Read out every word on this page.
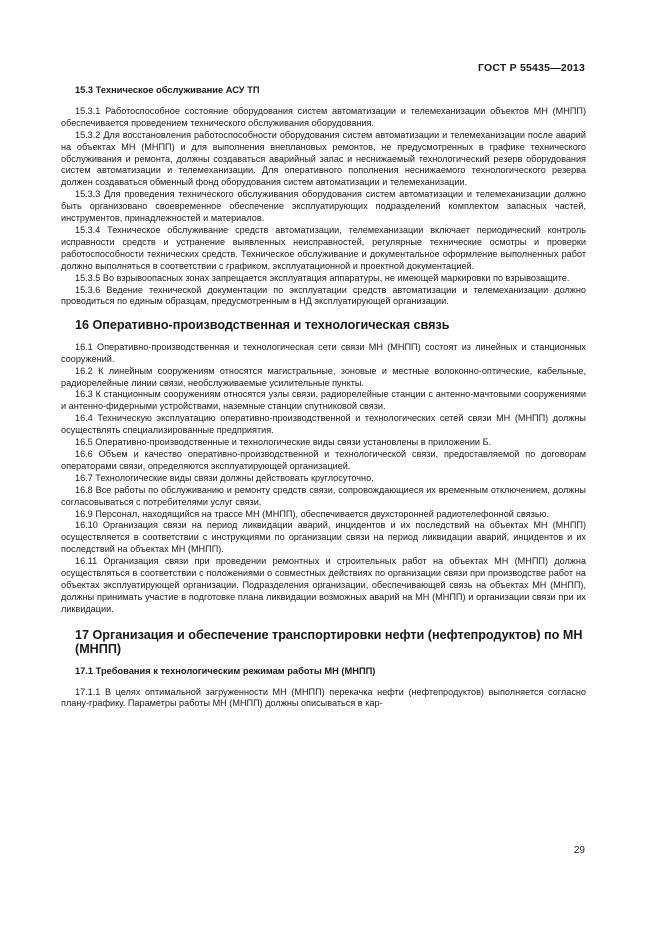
ГОСТ Р 55435—2013

15.3 Техническое обслуживание АСУ ТП

15.3.1 Работоспособное состояние оборудования систем автоматизации и телемеханизации объектов МН (МНПП) обеспечивается проведением технического обслуживания оборудования.

15.3.2 Для восстановления работоспособности оборудования систем автоматизации и телемеханизации после аварий на объектах МН (МНПП) и для выполнения внеплановых ремонтов, не предусмотренных в графике технического обслуживания и ремонта, должны создаваться аварийный запас и неснижаемый технологический резерв оборудования систем автоматизации и телемеханизации. Для оперативного пополнения неснижаемого технологического резерва должен создаваться обменный фонд оборудования систем автоматизации и телемеханизации.

15.3.3 Для проведения технического обслуживания оборудования систем автоматизации и телемеханизации должно быть организовано своевременное обеспечение эксплуатирующих подразделений комплектом запасных частей, инструментов, принадлежностей и материалов.

15.3.4 Техническое обслуживание средств автоматизации, телемеханизации включает периодический контроль исправности средств и устранение выявленных неисправностей, регулярные технические осмотры и проверки работоспособности технических средств. Техническое обслуживание и документальное оформление выполненных работ должно выполняться в соответствии с графиком, эксплуатационной и проектной документацией.

15.3.5 Во взрывоопасных зонах запрещается эксплуатация аппаратуры, не имеющей маркировки по взрывозащите.

15.3.6 Ведение технической документации по эксплуатации средств автоматизации и телемеханизации должно проводиться по единым образцам, предусмотренным в НД эксплуатирующей организации.

16 Оперативно-производственная и технологическая связь

16.1 Оперативно-производственная и технологическая сети связи МН (МНПП) состоят из линейных и станционных сооружений.

16.2 К линейным сооружениям относятся магистральные, зоновые и местные волоконно-оптические, кабельные, радиорелейные линии связи, необслуживаемые усилительные пункты.

16.3 К станционным сооружениям относятся узлы связи, радиорелейные станции с антенно-мачтовыми сооружениями и антенно-фидерными устройствами, наземные станции спутниковой связи.

16.4 Техническую эксплуатацию оперативно-производственной и технологических сетей связи МН (МНПП) должны осуществлять специализированные предприятия.

16.5 Оперативно-производственные и технологические виды связи установлены в приложении Б.

16.6 Объем и качество оперативно-производственной и технологической связи, предоставляемой по договорам операторами связи, определяются эксплуатирующей организацией.

16.7 Технологические виды связи должны действовать круглосуточно.

16.8 Все работы по обслуживанию и ремонту средств связи, сопровождающиеся их временным отключением, должны согласовываться с потребителями услуг связи.

16.9 Персонал, находящийся на трассе МН (МНПП), обеспечивается двухсторонней радиотелефонной связью.

16.10 Организация связи на период ликвидации аварий, инцидентов и их последствий на объектах МН (МНПП) осуществляется в соответствии с инструкциями по организации связи на период ликвидации аварий, инцидентов и их последствий на объектах МН (МНПП).

16.11 Организация связи при проведении ремонтных и строительных работ на объектах МН (МНПП) должна осуществляться в соответствии с положениями о совместных действиях по организации связи при производстве работ на объектах эксплуатирующей организации. Подразделения организации, обеспечивающей связь на объектах МН (МНПП), должны принимать участие в подготовке плана ликвидации возможных аварий на МН (МНПП) и организации связи при их ликвидации.

17 Организация и обеспечение транспортировки нефти (нефтепродуктов) по МН (МНПП)

17.1 Требования к технологическим режимам работы МН (МНПП)

17.1.1 В целях оптимальной загруженности МН (МНПП) перекачка нефти (нефтепродуктов) выполняется согласно плану-графику. Параметры работы МН (МНПП) должны описываться в кар-

29
